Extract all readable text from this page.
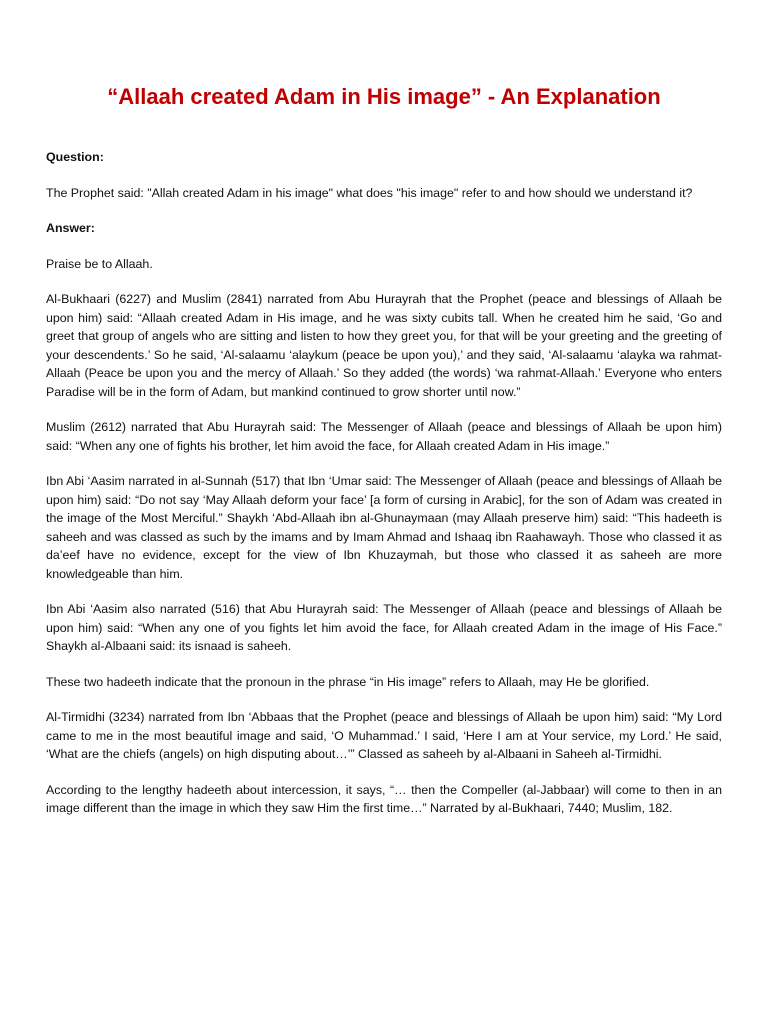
“Allaah created Adam in His image” - An Explanation

Question:

The Prophet said: "Allah created Adam in his image" what does "his image" refer to and how should we understand it?

Answer:

Praise be to Allaah.

Al-Bukhaari (6227) and Muslim (2841) narrated from Abu Hurayrah that the Prophet (peace and blessings of Allaah be upon him) said: “Allaah created Adam in His image, and he was sixty cubits tall. When he created him he said, ‘Go and greet that group of angels who are sitting and listen to how they greet you, for that will be your greeting and the greeting of your descendents.’ So he said, ‘Al-salaamu ‘alaykum (peace be upon you),’ and they said, ‘Al-salaamu ‘alayka wa rahmat-Allaah (Peace be upon you and the mercy of Allaah.’ So they added (the words) ‘wa rahmat-Allaah.’ Everyone who enters Paradise will be in the form of Adam, but mankind continued to grow shorter until now.”

Muslim (2612) narrated that Abu Hurayrah said: The Messenger of Allaah (peace and blessings of Allaah be upon him) said: “When any one of fights his brother, let him avoid the face, for Allaah created Adam in His image.”

Ibn Abi ‘Aasim narrated in al-Sunnah (517) that Ibn ‘Umar said: The Messenger of Allaah (peace and blessings of Allaah be upon him) said: “Do not say ‘May Allaah deform your face’ [a form of cursing in Arabic], for the son of Adam was created in the image of the Most Merciful.” Shaykh ‘Abd-Allaah ibn al-Ghunaymaan (may Allaah preserve him) said: “This hadeeth is saheeh and was classed as such by the imams and by Imam Ahmad and Ishaaq ibn Raahawayh. Those who classed it as da’eef have no evidence, except for the view of Ibn Khuzaymah, but those who classed it as saheeh are more knowledgeable than him.

Ibn Abi ‘Aasim also narrated (516) that Abu Hurayrah said: The Messenger of Allaah (peace and blessings of Allaah be upon him) said: “When any one of you fights let him avoid the face, for Allaah created Adam in the image of His Face.” Shaykh al-Albaani said: its isnaad is saheeh.

These two hadeeth indicate that the pronoun in the phrase “in His image” refers to Allaah, may He be glorified.

Al-Tirmidhi (3234) narrated from Ibn ‘Abbaas that the Prophet (peace and blessings of Allaah be upon him) said: “My Lord came to me in the most beautiful image and said, ‘O Muhammad.’ I said, ‘Here I am at Your service, my Lord.’ He said, ‘What are the chiefs (angels) on high disputing about…’” Classed as saheeh by al-Albaani in Saheeh al-Tirmidhi.

According to the lengthy hadeeth about intercession, it says, “… then the Compeller (al-Jabbaar) will come to then in an image different than the image in which they saw Him the first time…” Narrated by al-Bukhaari, 7440; Muslim, 182.
